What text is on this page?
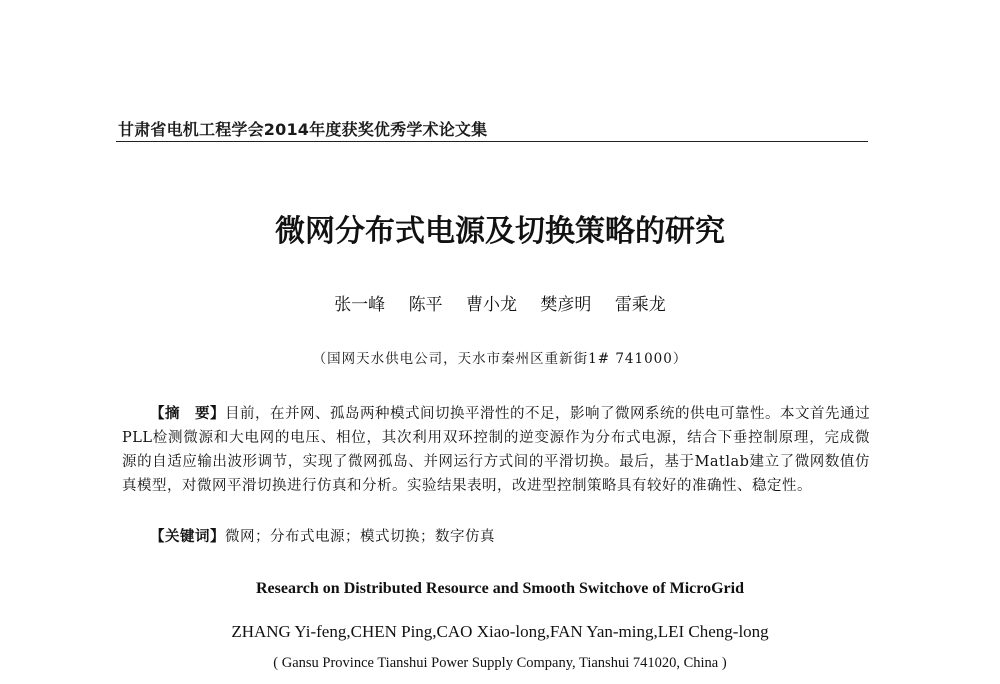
甘肃省电机工程学会2014年度获奖优秀学术论文集
微网分布式电源及切换策略的研究
张一峰 陈平 曹小龙 樊彦明 雷乘龙
（国网天水供电公司，天水市秦州区重新街1# 741000）
【摘　要】目前，在并网、孤岛两种模式间切换平滑性的不足，影响了微网系统的供电可靠性。本文首先通过PLL检测微源和大电网的电压、相位，其次利用双环控制的逆变源作为分布式电源，结合下垂控制原理，完成微源的自适应输出波形调节，实现了微网孤岛、并网运行方式间的平滑切换。最后，基于Matlab建立了微网数值仿真模型，对微网平滑切换进行仿真和分析。实验结果表明，改进型控制策略具有较好的准确性、稳定性。
【关键词】微网；分布式电源；模式切换；数字仿真
Research on Distributed Resource and Smooth Switchove of MicroGrid
ZHANG Yi-feng,CHEN Ping,CAO Xiao-long,FAN Yan-ming,LEI Cheng-long
( Gansu Province Tianshui Power Supply Company, Tianshui 741020, China )
